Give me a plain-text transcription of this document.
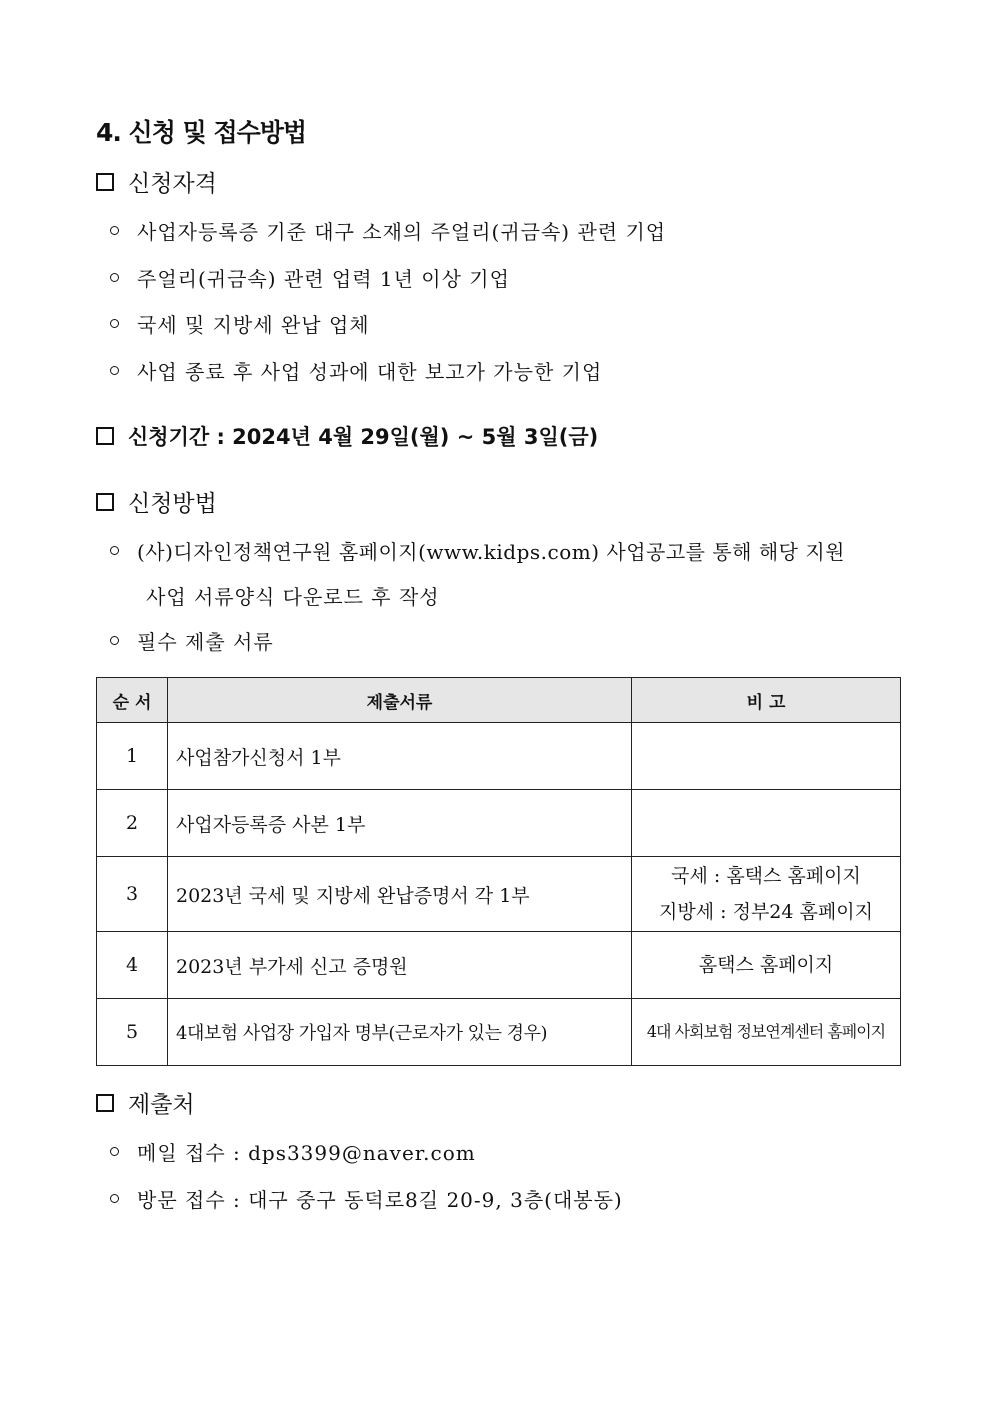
4. 신청 및 접수방법
신청자격
사업자등록증 기준 대구 소재의 주얼리(귀금속) 관련 기업
주얼리(귀금속) 관련 업력 1년 이상 기업
국세 및 지방세 완납 업체
사업 종료 후 사업 성과에 대한 보고가 가능한 기업
신청기간 : 2024년 4월 29일(월) ~ 5월 3일(금)
신청방법
(사)디자인정책연구원 홈페이지(www.kidps.com) 사업공고를 통해 해당 지원
사업 서류양식 다운로드 후 작성
필수 제출 서류
순 서	제출서류	비 고
1	사업참가신청서 1부	
2	사업자등록증 사본 1부	
3	2023년 국세 및 지방세 완납증명서 각 1부	국세 : 홈택스 홈페이지
지방세 : 정부24 홈페이지

4	2023년 부가세 신고 증명원	홈택스 홈페이지
5	4대보험 사업장 가입자 명부(근로자가 있는 경우)	4대 사회보험 정보연계센터 홈페이지
제출처
메일 접수 : dps3399@naver.com
방문 접수 : 대구 중구 동덕로8길 20-9, 3층(대봉동)
